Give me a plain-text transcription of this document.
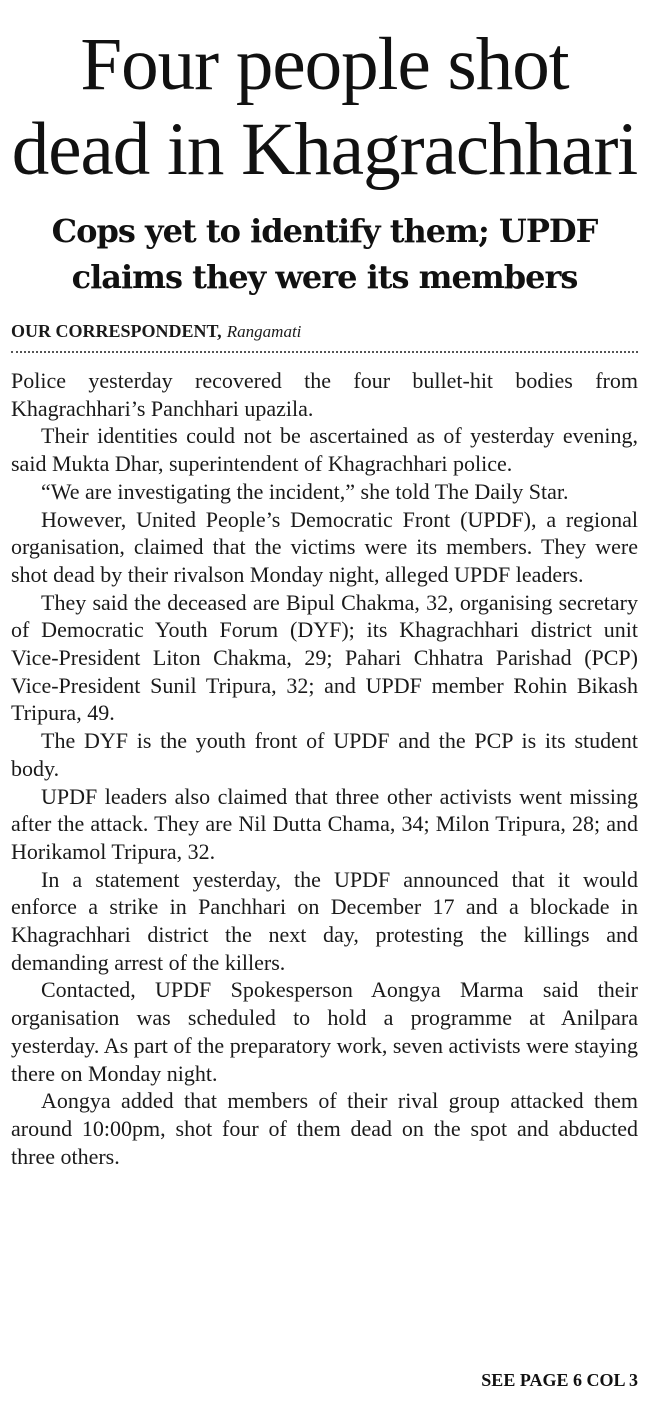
Four people shot dead in Khagrachhari
Cops yet to identify them; UPDF claims they were its members
OUR CORRESPONDENT, Rangamati

Police yesterday recovered the four bullet-hit bodies from Khagrachhari’s Panchhari upazila.

Their identities could not be ascertained as of yesterday evening, said Mukta Dhar, superintendent of Khagrachhari police.

“We are investigating the incident,” she told The Daily Star.

However, United People’s Democratic Front (UPDF), a regional organisation, claimed that the victims were its members. They were shot dead by their rivalson Monday night, alleged UPDF leaders.

They said the deceased are Bipul Chakma, 32, organising secretary of Democratic Youth Forum (DYF); its Khagrachhari district unit Vice-President Liton Chakma, 29; Pahari Chhatra Parishad (PCP) Vice-President Sunil Tripura, 32; and UPDF member Rohin Bikash Tripura, 49.

The DYF is the youth front of UPDF and the PCP is its student body.

UPDF leaders also claimed that three other activists went missing after the attack. They are Nil Dutta Chama, 34; Milon Tripura, 28; and Horikamol Tripura, 32.

In a statement yesterday, the UPDF announced that it would enforce a strike in Panchhari on December 17 and a blockade in Khagrachhari district the next day, protesting the killings and demanding arrest of the killers.

Contacted, UPDF Spokesperson Aongya Marma said their organisation was scheduled to hold a programme at Anilpara yesterday. As part of the preparatory work, seven activists were staying there on Monday night.

Aongya added that members of their rival group attacked them around 10:00pm, shot four of them dead on the spot and abducted three others.

SEE PAGE 6 COL 3
